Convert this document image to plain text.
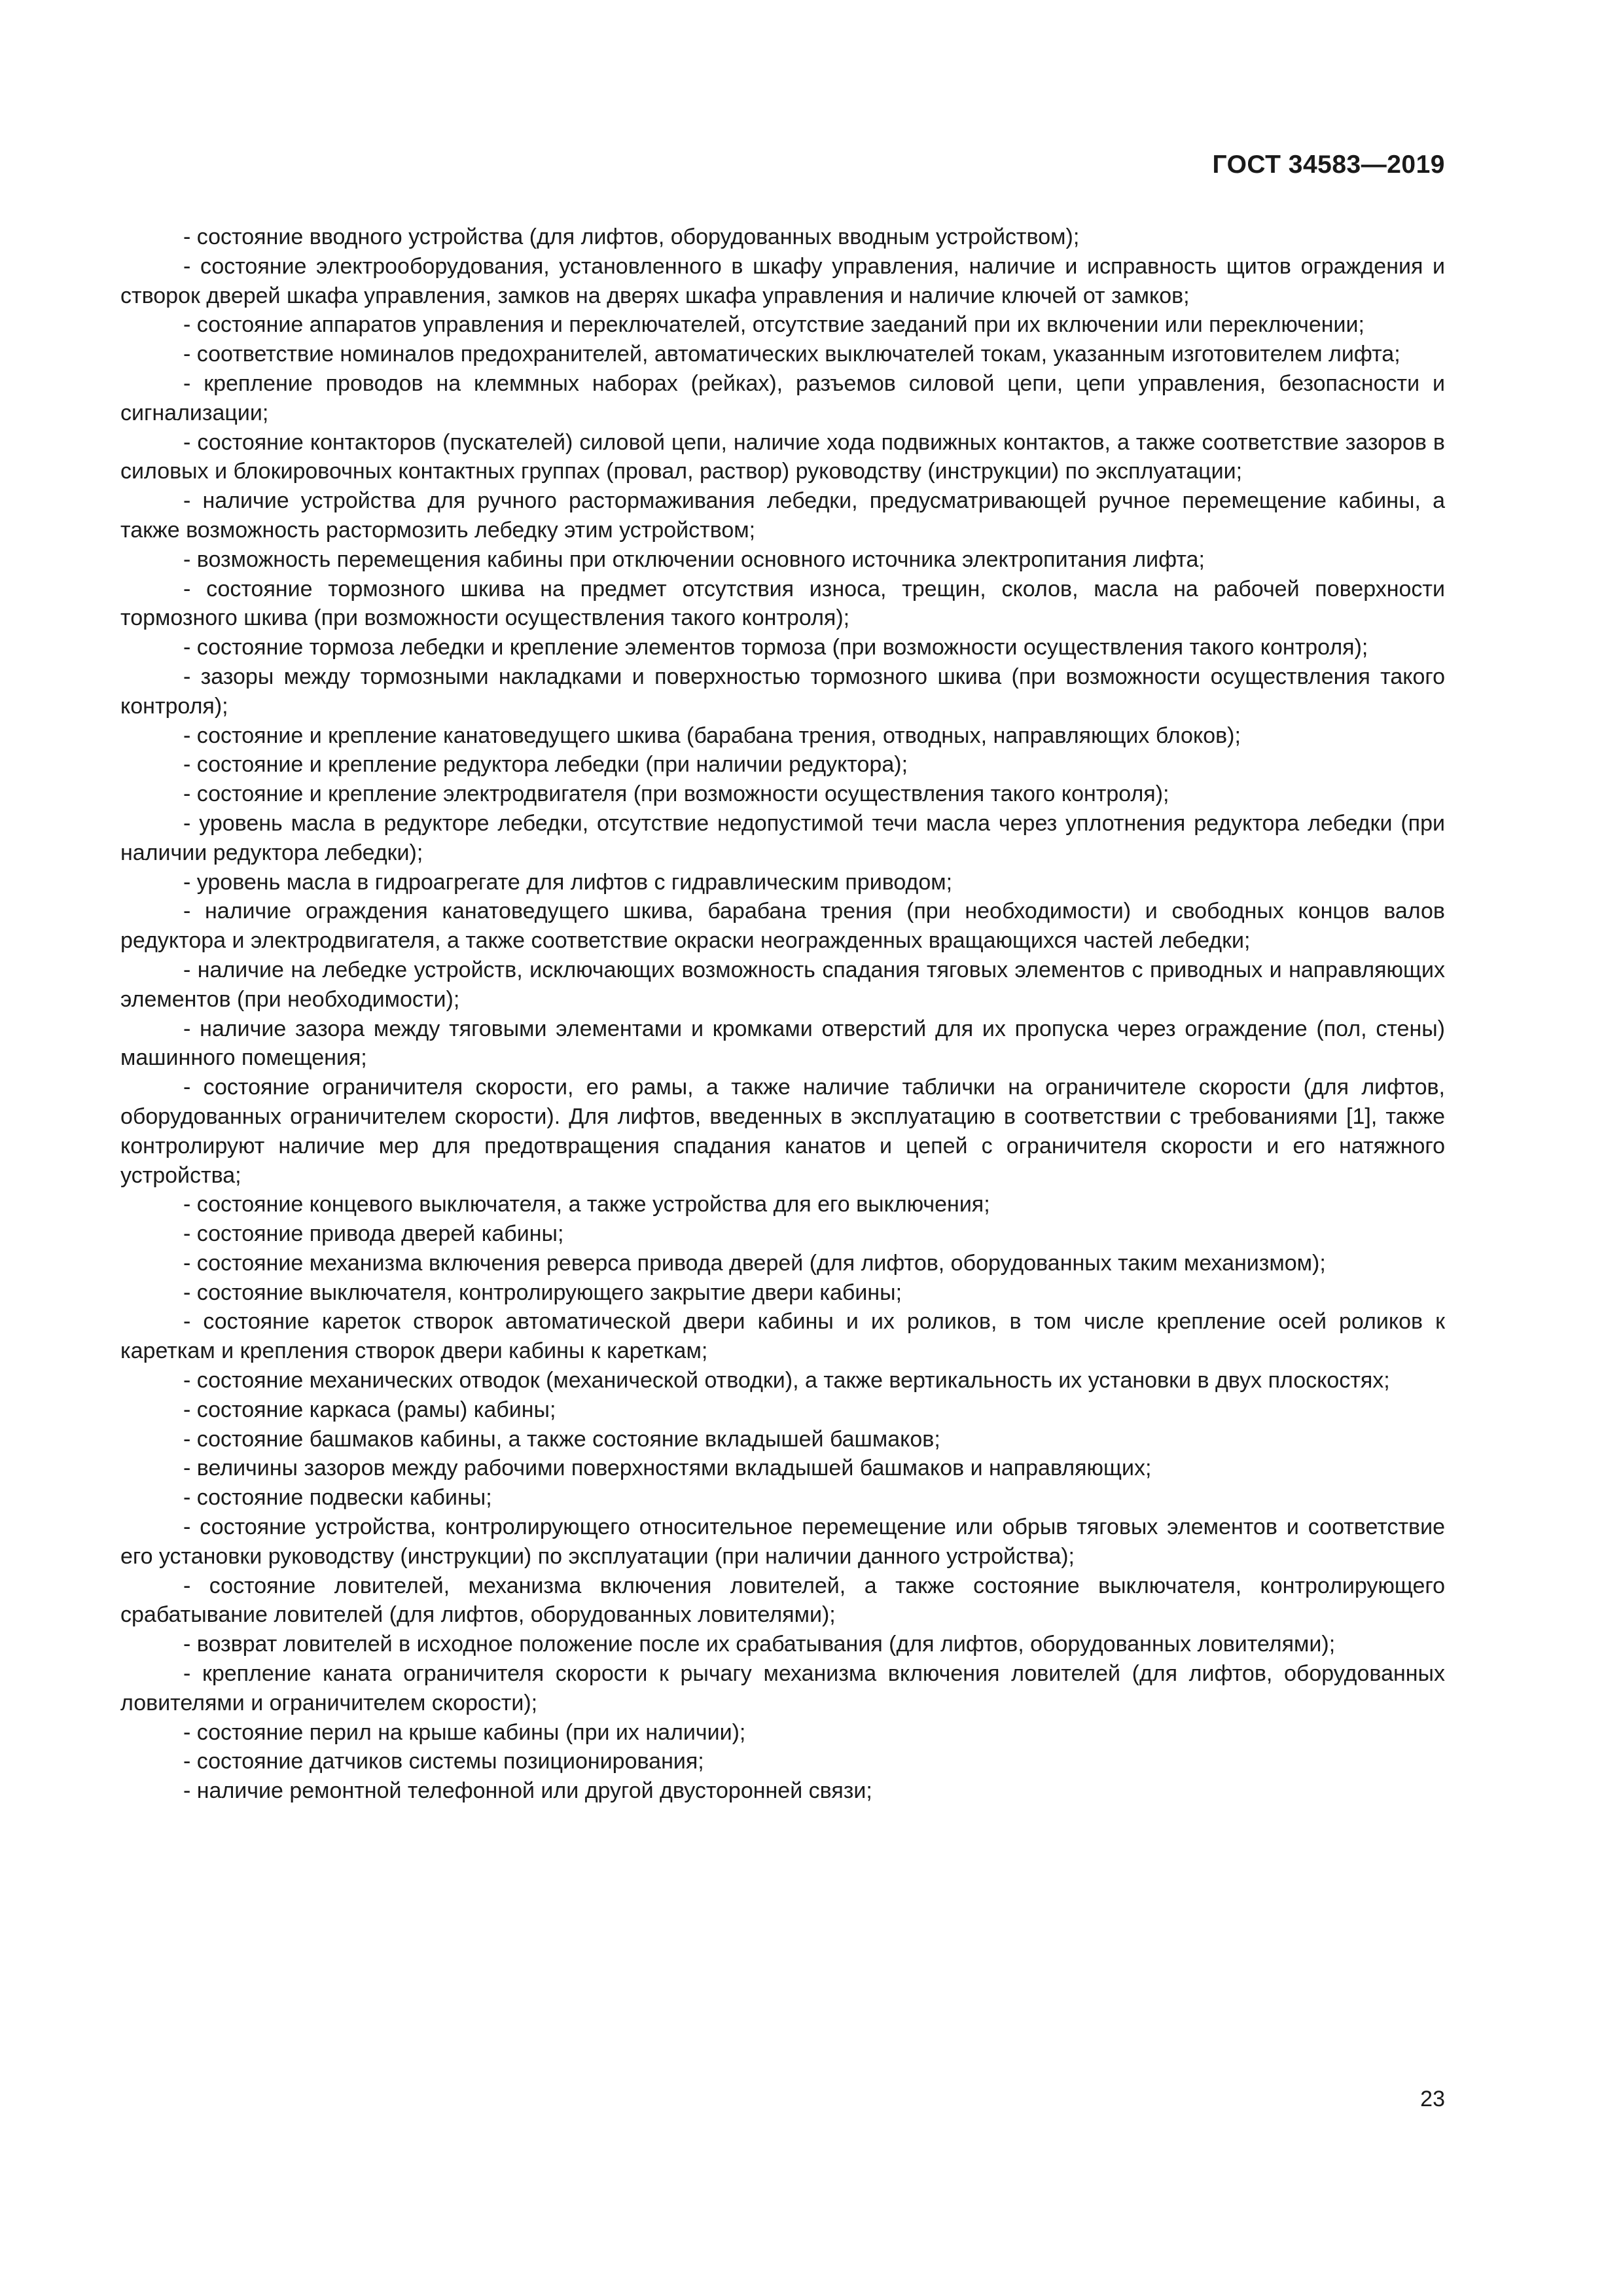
ГОСТ 34583—2019

- состояние вводного устройства (для лифтов, оборудованных вводным устройством);

- состояние электрооборудования, установленного в шкафу управления, наличие и исправность щитов ограждения и створок дверей шкафа управления, замков на дверях шкафа управления и наличие ключей от замков;

- состояние аппаратов управления и переключателей, отсутствие заеданий при их включении или переключении;

- соответствие номиналов предохранителей, автоматических выключателей токам, указанным изготовителем лифта;

- крепление проводов на клеммных наборах (рейках), разъемов силовой цепи, цепи управления, безопасности и сигнализации;

- состояние контакторов (пускателей) силовой цепи, наличие хода подвижных контактов, а также соответствие зазоров в силовых и блокировочных контактных группах (провал, раствор) руководству (инструкции) по эксплуатации;

- наличие устройства для ручного растормаживания лебедки, предусматривающей ручное перемещение кабины, а также возможность растормозить лебедку этим устройством;

- возможность перемещения кабины при отключении основного источника электропитания лифта;

- состояние тормозного шкива на предмет отсутствия износа, трещин, сколов, масла на рабочей поверхности тормозного шкива (при возможности осуществления такого контроля);

- состояние тормоза лебедки и крепление элементов тормоза (при возможности осуществления такого контроля);

- зазоры между тормозными накладками и поверхностью тормозного шкива (при возможности осуществления такого контроля);

- состояние и крепление канатоведущего шкива (барабана трения, отводных, направляющих блоков);

- состояние и крепление редуктора лебедки (при наличии редуктора);

- состояние и крепление электродвигателя (при возможности осуществления такого контроля);

- уровень масла в редукторе лебедки, отсутствие недопустимой течи масла через уплотнения редуктора лебедки (при наличии редуктора лебедки);

- уровень масла в гидроагрегате для лифтов с гидравлическим приводом;

- наличие ограждения канатоведущего шкива, барабана трения (при необходимости) и свободных концов валов редуктора и электродвигателя, а также соответствие окраски неогражденных вращающихся частей лебедки;

- наличие на лебедке устройств, исключающих возможность спадания тяговых элементов с приводных и направляющих элементов (при необходимости);

- наличие зазора между тяговыми элементами и кромками отверстий для их пропуска через ограждение (пол, стены) машинного помещения;

- состояние ограничителя скорости, его рамы, а также наличие таблички на ограничителе скорости (для лифтов, оборудованных ограничителем скорости). Для лифтов, введенных в эксплуатацию в соответствии с требованиями [1], также контролируют наличие мер для предотвращения спадания канатов и цепей с ограничителя скорости и его натяжного устройства;

- состояние концевого выключателя, а также устройства для его выключения;

- состояние привода дверей кабины;

- состояние механизма включения реверса привода дверей (для лифтов, оборудованных таким механизмом);

- состояние выключателя, контролирующего закрытие двери кабины;

- состояние кареток створок автоматической двери кабины и их роликов, в том числе крепление осей роликов к кареткам и крепления створок двери кабины к кареткам;

- состояние механических отводок (механической отводки), а также вертикальность их установки в двух плоскостях;

- состояние каркаса (рамы) кабины;

- состояние башмаков кабины, а также состояние вкладышей башмаков;

- величины зазоров между рабочими поверхностями вкладышей башмаков и направляющих;

- состояние подвески кабины;

- состояние устройства, контролирующего относительное перемещение или обрыв тяговых элементов и соответствие его установки руководству (инструкции) по эксплуатации (при наличии данного устройства);

- состояние ловителей, механизма включения ловителей, а также состояние выключателя, контролирующего срабатывание ловителей (для лифтов, оборудованных ловителями);

- возврат ловителей в исходное положение после их срабатывания (для лифтов, оборудованных ловителями);

- крепление каната ограничителя скорости к рычагу механизма включения ловителей (для лифтов, оборудованных ловителями и ограничителем скорости);

- состояние перил на крыше кабины (при их наличии);

- состояние датчиков системы позиционирования;

- наличие ремонтной телефонной или другой двусторонней связи;

23
